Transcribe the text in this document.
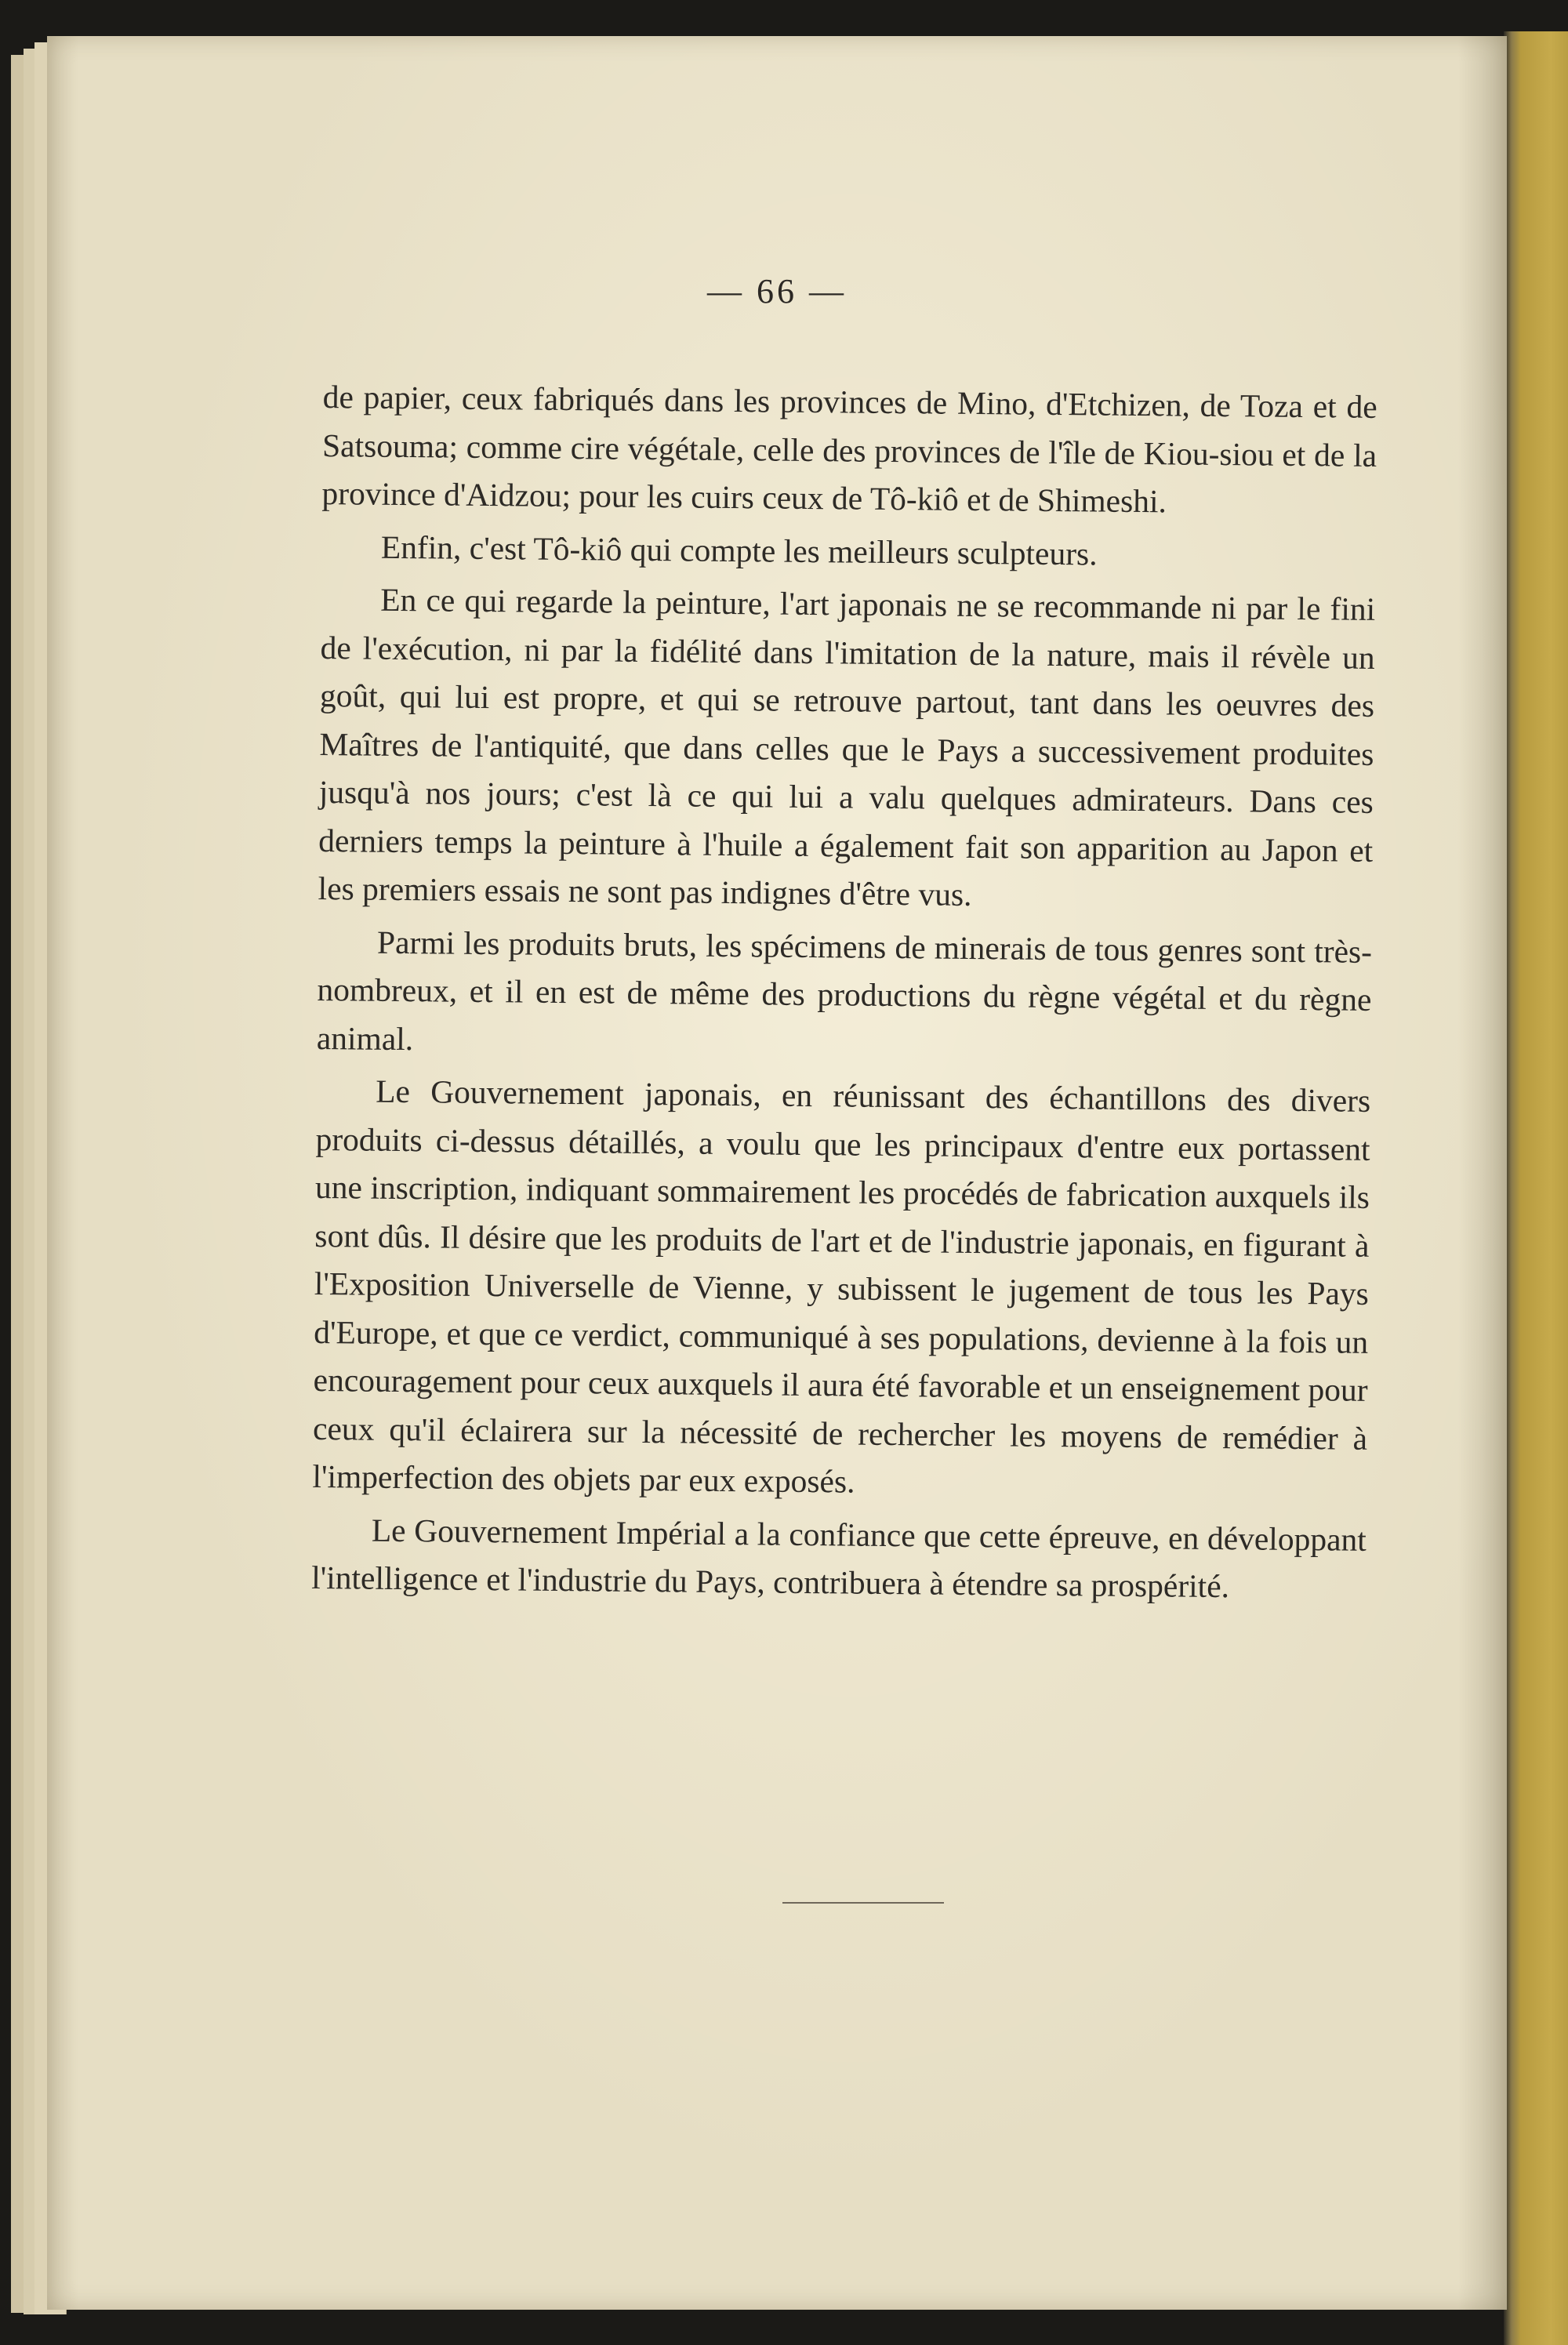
— 66 —

de papier, ceux fabriqués dans les provinces de Mino, d'Etchizen, de Toza et de Satsouma; comme cire végétale, celle des provinces de l'île de Kiou-siou et de la province d'Aidzou; pour les cuirs ceux de Tô-kiô et de Shimeshi.

Enfin, c'est Tô-kiô qui compte les meilleurs sculpteurs.

En ce qui regarde la peinture, l'art japonais ne se recommande ni par le fini de l'exécution, ni par la fidélité dans l'imitation de la nature, mais il révèle un goût, qui lui est propre, et qui se retrouve partout, tant dans les oeuvres des Maîtres de l'antiquité, que dans celles que le Pays a successivement produites jusqu'à nos jours; c'est là ce qui lui a valu quelques admirateurs. Dans ces derniers temps la peinture à l'huile a également fait son apparition au Japon et les premiers essais ne sont pas indignes d'être vus.

Parmi les produits bruts, les spécimens de minerais de tous genres sont très-nombreux, et il en est de même des productions du règne végétal et du règne animal.

Le Gouvernement japonais, en réunissant des échantillons des divers produits ci-dessus détaillés, a voulu que les principaux d'entre eux portassent une inscription, indiquant sommairement les procédés de fabrication auxquels ils sont dûs. Il désire que les produits de l'art et de l'industrie japonais, en figurant à l'Exposition Universelle de Vienne, y subissent le jugement de tous les Pays d'Europe, et que ce verdict, communiqué à ses populations, devienne à la fois un encouragement pour ceux auxquels il aura été favorable et un enseignement pour ceux qu'il éclairera sur la nécessité de rechercher les moyens de remédier à l'imperfection des objets par eux exposés.

Le Gouvernement Impérial a la confiance que cette épreuve, en développant l'intelligence et l'industrie du Pays, contribuera à étendre sa prospérité.
